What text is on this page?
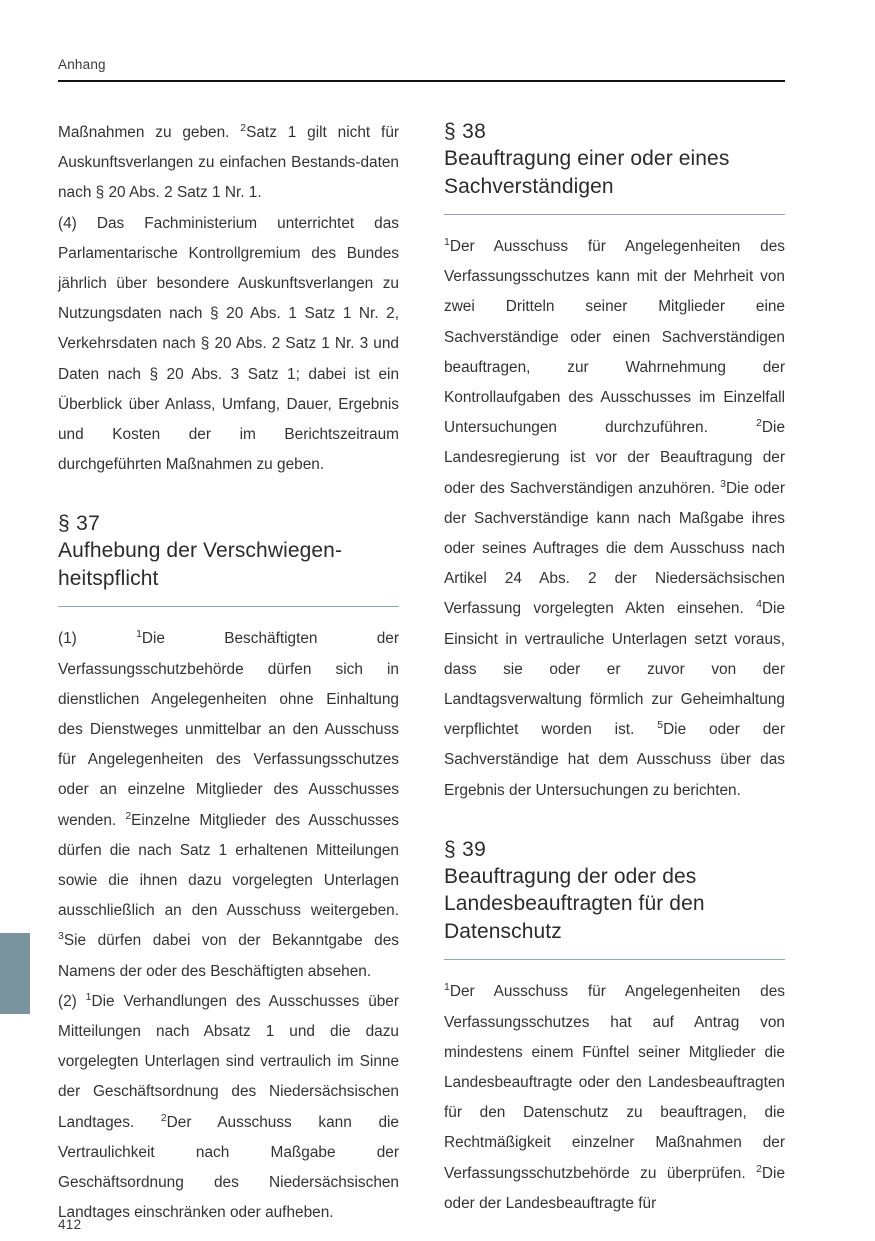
Anhang

Maßnahmen zu geben. $^2$Satz 1 gilt nicht für Auskunftsverlangen zu einfachen Bestands-daten nach § 20 Abs. 2 Satz 1 Nr. 1.

(4) Das Fachministerium unterrichtet das Parlamentarische Kontrollgremium des Bundes jährlich über besondere Auskunftsverlangen zu Nutzungsdaten nach § 20 Abs. 1 Satz 1 Nr. 2, Verkehrsdaten nach § 20 Abs. 2 Satz 1 Nr. 3 und Daten nach § 20 Abs. 3 Satz 1; dabei ist ein Überblick über Anlass, Umfang, Dauer, Ergebnis und Kosten der im Berichtszeitraum durchgeführten Maßnahmen zu geben.

§ 37
Aufhebung der Verschwiegen-
heitspflicht

(1) $^1$Die Beschäftigten der Verfassungsschutzbehörde dürfen sich in dienstlichen Angelegenheiten ohne Einhaltung des Dienstweges unmittelbar an den Ausschuss für Angelegenheiten des Verfassungsschutzes oder an einzelne Mitglieder des Ausschusses wenden. $^2$Einzelne Mitglieder des Ausschusses dürfen die nach Satz 1 erhaltenen Mitteilungen sowie die ihnen dazu vorgelegten Unterlagen ausschließlich an den Ausschuss weitergeben. $^3$Sie dürfen dabei von der Bekanntgabe des Namens der oder des Beschäftigten absehen.

(2) $^1$Die Verhandlungen des Ausschusses über Mitteilungen nach Absatz 1 und die dazu vorgelegten Unterlagen sind vertraulich im Sinne der Geschäftsordnung des Niedersächsischen Landtages. $^2$Der Ausschuss kann die Vertraulichkeit nach Maßgabe der Geschäftsordnung des Niedersächsischen Landtages einschränken oder aufheben.

§ 38
Beauftragung einer oder eines
Sachverständigen

$^1$Der Ausschuss für Angelegenheiten des Verfassungsschutzes kann mit der Mehrheit von zwei Dritteln seiner Mitglieder eine Sachverständige oder einen Sachverständigen beauftragen, zur Wahrnehmung der Kontrollaufgaben des Ausschusses im Einzelfall Untersuchungen durchzuführen. $^2$Die Landesregierung ist vor der Beauftragung der oder des Sachverständigen anzuhören. $^3$Die oder der Sachverständige kann nach Maßgabe ihres oder seines Auftrages die dem Ausschuss nach Artikel 24 Abs. 2 der Niedersächsischen Verfassung vorgelegten Akten einsehen. $^4$Die Einsicht in vertrauliche Unterlagen setzt voraus, dass sie oder er zuvor von der Landtagsverwaltung förmlich zur Geheimhaltung verpflichtet worden ist. $^5$Die oder der Sachverständige hat dem Ausschuss über das Ergebnis der Untersuchungen zu berichten.

§ 39
Beauftragung der oder des
Landesbeauftragten für den
Datenschutz

$^1$Der Ausschuss für Angelegenheiten des Verfassungsschutzes hat auf Antrag von mindestens einem Fünftel seiner Mitglieder die Landesbeauftragte oder den Landesbeauftragten für den Datenschutz zu beauftragen, die Rechtmäßigkeit einzelner Maßnahmen der Verfassungsschutzbehörde zu überprüfen. $^2$Die oder der Landesbeauftragte für

412
